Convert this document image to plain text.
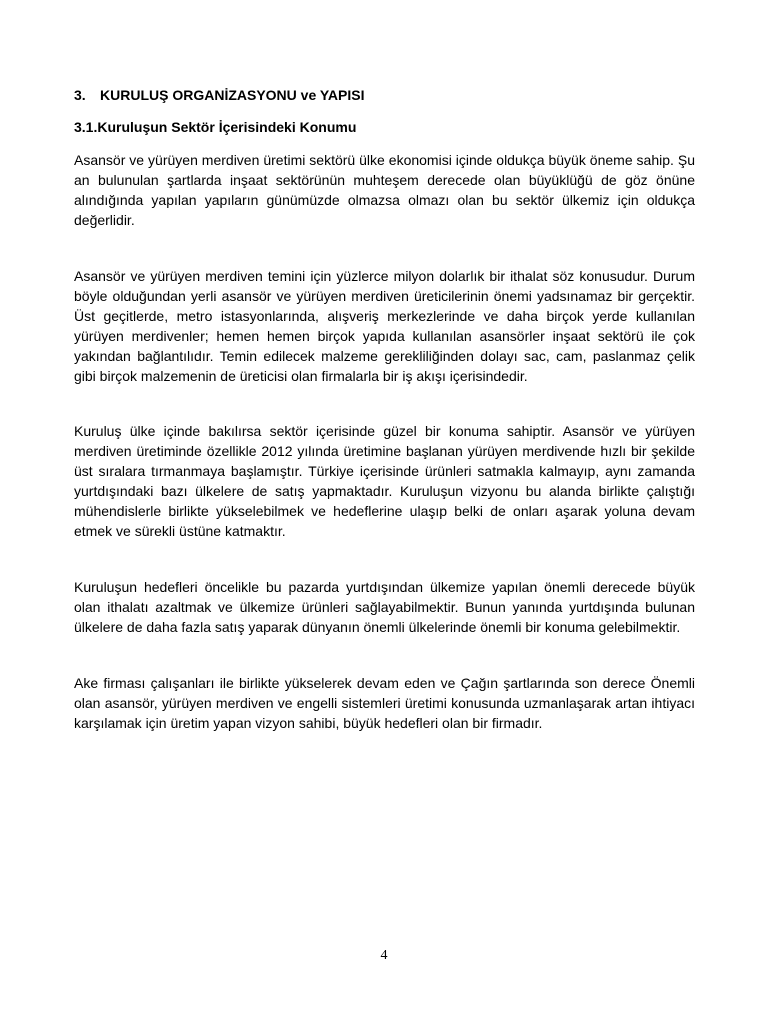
3.	KURULUŞ ORGANİZASYONU ve YAPISI
3.1.Kuruluşun Sektör İçerisindeki Konumu

Asansör ve yürüyen merdiven üretimi sektörü ülke ekonomisi içinde oldukça büyük öneme sahip. Şu an bulunulan şartlarda inşaat sektörünün muhteşem derecede olan büyüklüğü de göz önüne alındığında yapılan yapıların günümüzde olmazsa olmazı olan bu sektör ülkemiz için oldukça değerlidir.

Asansör ve yürüyen merdiven temini için yüzlerce milyon dolarlık bir ithalat söz konusudur. Durum böyle olduğundan yerli asansör ve yürüyen merdiven üreticilerinin önemi yadsınamaz bir gerçektir. Üst geçitlerde, metro istasyonlarında, alışveriş merkezlerinde ve daha birçok yerde kullanılan yürüyen merdivenler; hemen hemen birçok yapıda kullanılan asansörler inşaat sektörü ile çok yakından bağlantılıdır. Temin edilecek malzeme gerekliliğinden dolayı sac, cam, paslanmaz çelik gibi birçok malzemenin de üreticisi olan firmalarla bir iş akışı içerisindedir.

Kuruluş ülke içinde bakılırsa sektör içerisinde güzel bir konuma sahiptir. Asansör ve yürüyen merdiven üretiminde özellikle 2012 yılında üretimine başlanan yürüyen merdivende hızlı bir şekilde üst sıralara tırmanmaya başlamıştır. Türkiye içerisinde ürünleri satmakla kalmayıp, aynı zamanda yurtdışındaki bazı ülkelere de satış yapmaktadır. Kuruluşun vizyonu bu alanda birlikte çalıştığı mühendislerle birlikte yükselebilmek ve hedeflerine ulaşıp belki de onları aşarak yoluna devam etmek ve sürekli üstüne katmaktır.

Kuruluşun hedefleri öncelikle bu pazarda yurtdışından ülkemize yapılan önemli derecede büyük olan ithalatı azaltmak ve ülkemize ürünleri sağlayabilmektir. Bunun yanında yurtdışında bulunan ülkelere de daha fazla satış yaparak dünyanın önemli ülkelerinde önemli bir konuma gelebilmektir.

Ake firması çalışanları ile birlikte yükselerek devam eden ve Çağın şartlarında son derece Önemli olan asansör, yürüyen merdiven ve engelli sistemleri üretimi konusunda uzmanlaşarak artan ihtiyacı karşılamak için üretim yapan vizyon sahibi, büyük hedefleri olan bir firmadır.

4
